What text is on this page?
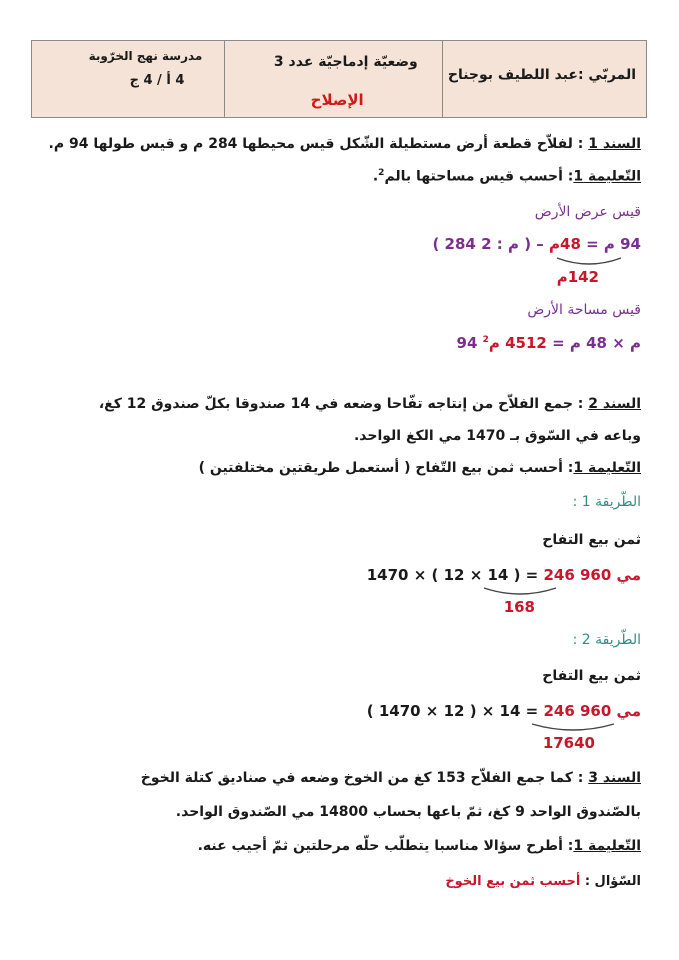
المربّي :عبد اللطيف بوجناح
وضعيّة إدماجيّة عدد 3
الإصلاح
مدرسة نهج الخرّوبة
4 أ / 4 ج
السند 1 : لفلاّح قطعة أرض مستطيلة الشّكل قيس محيطها 284 م و قيس طولها 94 م.
التّعليمة 1: أحسب قيس مساحتها بالم$^2$.
قيس عرض الأرض
( 284 م : 2 ) – 94 م = 48م
142م
قيس مساحة الأرض
94 م × 48 م = 4512 م$^2$
السند 2 : جمع الفلاّح من إنتاجه تفّاحا وضعه في 14 صندوقا بكلّ صندوق 12 كغ،
وباعه في السّوق بـ 1470 مي الكغ الواحد.
التّعليمة 1: أحسب ثمن بيع التّفاح ( أستعمل طريقتين مختلفتين )
الطّريقة 1 :
ثمن بيع التفاح
1470 × ( 12 × 14 ) = 246 960 مي
168
الطّريقة 2 :
ثمن بيع التفاح
( 1470 × 12 ) × 14 = 246 960 مي
17640
السند 3 : كما جمع الفلاّح 153 كغ من الخوخ وضعه في صناديق كتلة الخوخ
بالصّندوق الواحد 9 كغ، ثمّ باعها بحساب 14800 مي الصّندوق الواحد.
التّعليمة 1: أطرح سؤالا مناسبا يتطلّب حلّه مرحلتين ثمّ أجيب عنه.
السّؤال : أحسب ثمن بيع الخوخ
